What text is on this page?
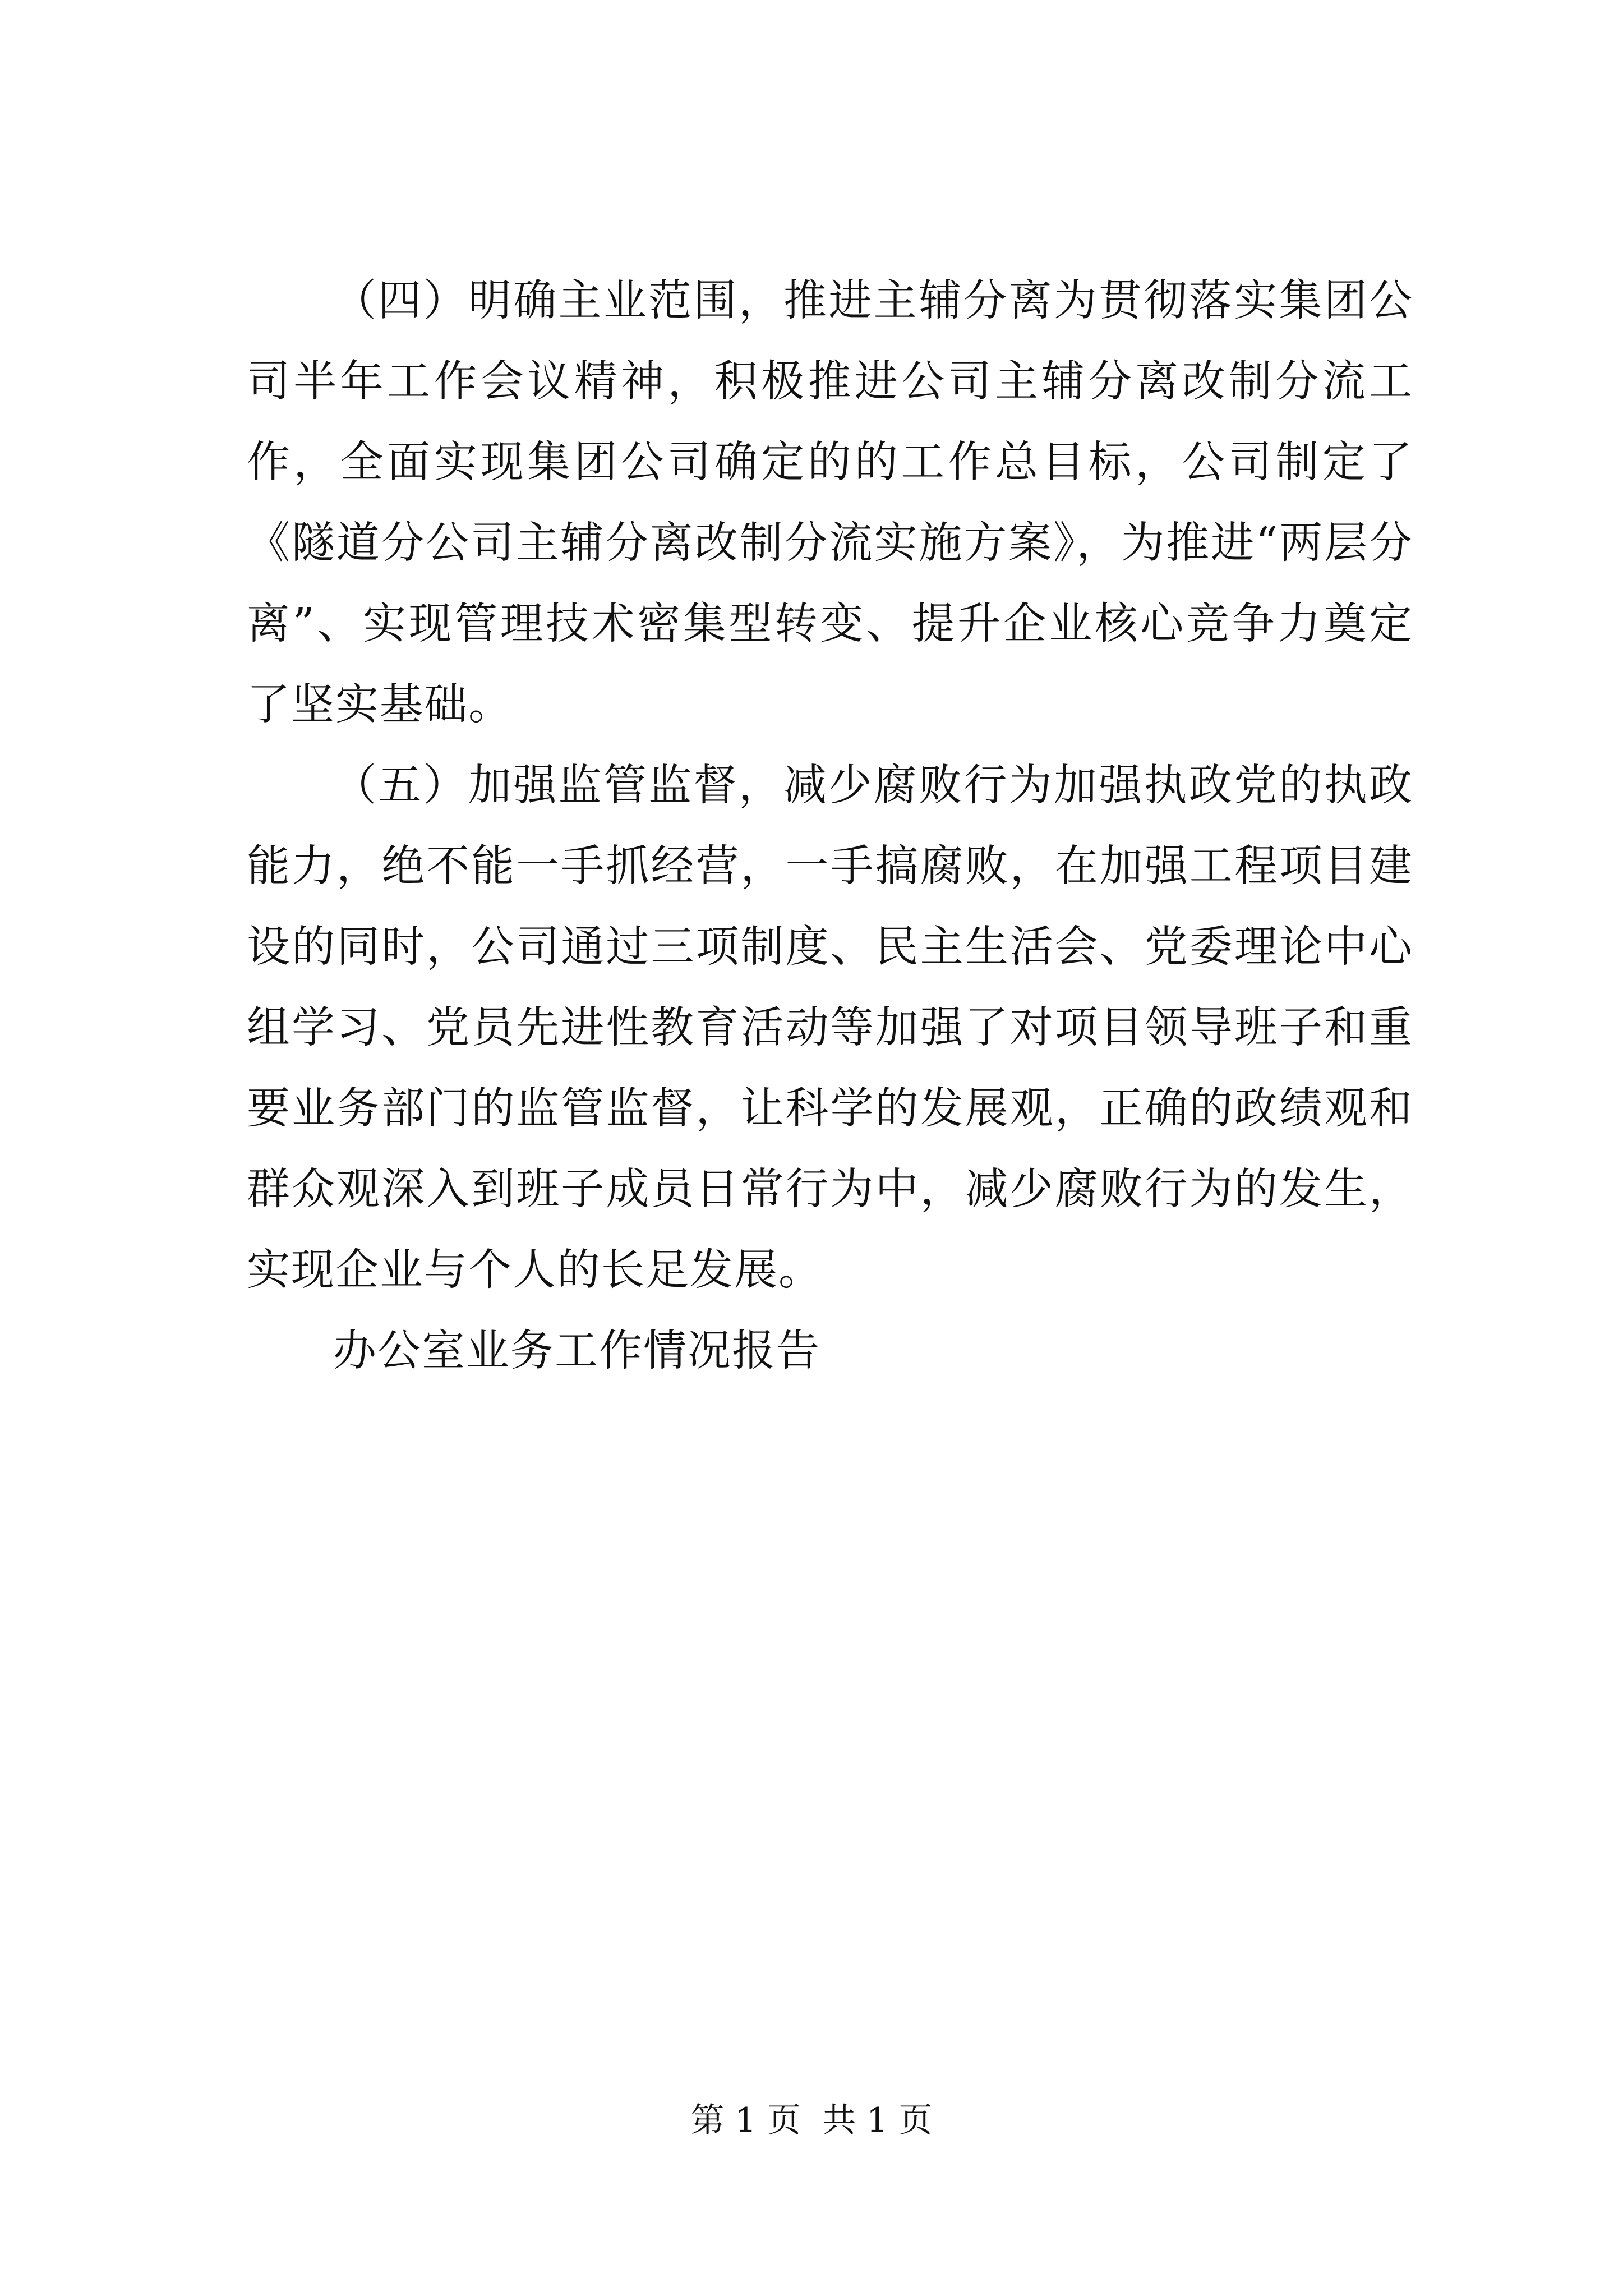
（四）明确主业范围，推进主辅分离为贯彻落实集团公司半年工作会议精神，积极推进公司主辅分离改制分流工作，全面实现集团公司确定的的工作总目标，公司制定了《隧道分公司主辅分离改制分流实施方案》，为推进“两层分离”、实现管理技术密集型转变、提升企业核心竞争力奠定了坚实基础。

（五）加强监管监督，减少腐败行为加强执政党的执政能力，绝不能一手抓经营，一手搞腐败，在加强工程项目建设的同时，公司通过三项制度、民主生活会、党委理论中心组学习、党员先进性教育活动等加强了对项目领导班子和重要业务部门的监管监督，让科学的发展观，正确的政绩观和群众观深入到班子成员日常行为中，减少腐败行为的发生，实现企业与个人的长足发展。

办公室业务工作情况报告

第 1 页  共 1 页
